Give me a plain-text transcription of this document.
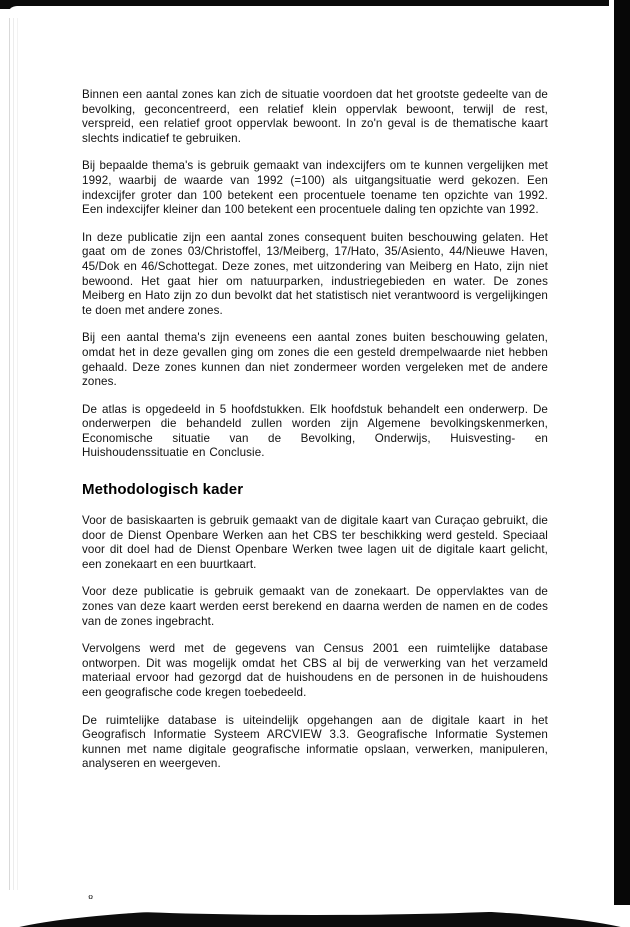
Binnen een aantal zones kan zich de situatie voordoen dat het grootste gedeelte van de bevolking, geconcentreerd, een relatief klein oppervlak bewoont, terwijl de rest, verspreid, een relatief groot oppervlak bewoont. In zo'n geval is de thematische kaart slechts indicatief te gebruiken.

Bij bepaalde thema's is gebruik gemaakt van indexcijfers om te kunnen vergelijken met 1992, waarbij de waarde van 1992 (=100) als uitgangsituatie werd gekozen. Een indexcijfer groter dan 100 betekent een procentuele toename ten opzichte van 1992. Een indexcijfer kleiner dan 100 betekent een procentuele daling ten opzichte van 1992.

In deze publicatie zijn een aantal zones consequent buiten beschouwing gelaten. Het gaat om de zones 03/Christoffel, 13/Meiberg, 17/Hato, 35/Asiento, 44/Nieuwe Haven, 45/Dok en 46/Schottegat. Deze zones, met uitzondering van Meiberg en Hato, zijn niet bewoond. Het gaat hier om natuurparken, industriegebieden en water. De zones Meiberg en Hato zijn zo dun bevolkt dat het statistisch niet verantwoord is vergelijkingen te doen met andere zones.

Bij een aantal thema's zijn eveneens een aantal zones buiten beschouwing gelaten, omdat het in deze gevallen ging om zones die een gesteld drempelwaarde niet hebben gehaald. Deze zones kunnen dan niet zondermeer worden vergeleken met de andere zones.

De atlas is opgedeeld in 5 hoofdstukken. Elk hoofdstuk behandelt een onderwerp. De onderwerpen die behandeld zullen worden zijn Algemene bevolkingskenmerken, Economische situatie van de Bevolking, Onderwijs, Huisvesting- en Huishoudenssituatie en Conclusie.

Methodologisch kader

Voor de basiskaarten is gebruik gemaakt van de digitale kaart van Curaçao gebruikt, die door de Dienst Openbare Werken aan het CBS ter beschikking werd gesteld. Speciaal voor dit doel had de Dienst Openbare Werken twee lagen uit de digitale kaart gelicht, een zonekaart en een buurtkaart.

Voor deze publicatie is gebruik gemaakt van de zonekaart. De oppervlaktes van de zones van deze kaart werden eerst berekend en daarna werden de namen en de codes van de zones ingebracht.

Vervolgens werd met de gegevens van Census 2001 een ruimtelijke database ontworpen. Dit was mogelijk omdat het CBS al bij de verwerking van het verzameld materiaal ervoor had gezorgd dat de huishoudens en de personen in de huishoudens een geografische code kregen toebedeeld.

De ruimtelijke database is uiteindelijk opgehangen aan de digitale kaart in het Geografisch Informatie Systeem ARCVIEW 3.3. Geografische Informatie Systemen kunnen met name digitale geografische informatie opslaan, verwerken, manipuleren, analyseren en weergeven.
